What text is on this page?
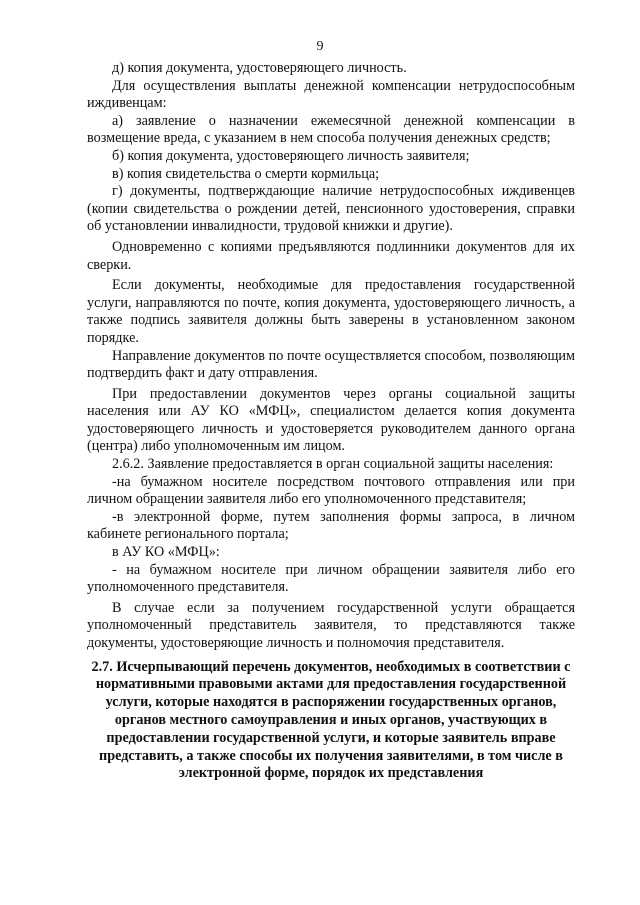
9

д) копия документа, удостоверяющего личность.

Для осуществления выплаты денежной компенсации нетрудоспособным иждивенцам:

а) заявление о назначении ежемесячной денежной компенсации в возмещение вреда, с указанием в нем способа получения денежных средств;

б) копия документа, удостоверяющего личность заявителя;

в) копия свидетельства о смерти кормильца;

г) документы, подтверждающие наличие нетрудоспособных иждивенцев (копии свидетельства о рождении детей, пенсионного удостоверения, справки об установлении инвалидности, трудовой книжки и другие).

Одновременно с копиями предъявляются подлинники документов для их сверки.

Если документы, необходимые для предоставления государственной услуги, направляются по почте, копия документа, удостоверяющего личность, а также подпись заявителя должны быть заверены в установленном законом порядке.

Направление документов по почте осуществляется способом, позволяющим подтвердить факт и дату отправления.

При предоставлении документов через органы социальной защиты населения или АУ КО «МФЦ», специалистом делается копия документа удостоверяющего личность и удостоверяется руководителем данного органа (центра) либо уполномоченным им лицом.

2.6.2. Заявление предоставляется в орган социальной защиты населения:

-на бумажном носителе посредством почтового отправления или при личном обращении заявителя либо его уполномоченного представителя;

-в электронной форме, путем заполнения формы запроса, в личном кабинете регионального портала;

в АУ КО «МФЦ»:

- на бумажном носителе при личном обращении заявителя либо его уполномоченного представителя.

В случае если за получением государственной услуги обращается уполномоченный представитель заявителя, то представляются также документы, удостоверяющие личность и полномочия представителя.

2.7. Исчерпывающий перечень документов, необходимых в соответствии с нормативными правовыми актами для предоставления государственной услуги, которые находятся в распоряжении государственных органов, органов местного самоуправления и иных органов, участвующих в предоставлении государственной услуги, и которые заявитель вправе представить, а также способы их получения заявителями, в том числе в электронной форме, порядок их представления
